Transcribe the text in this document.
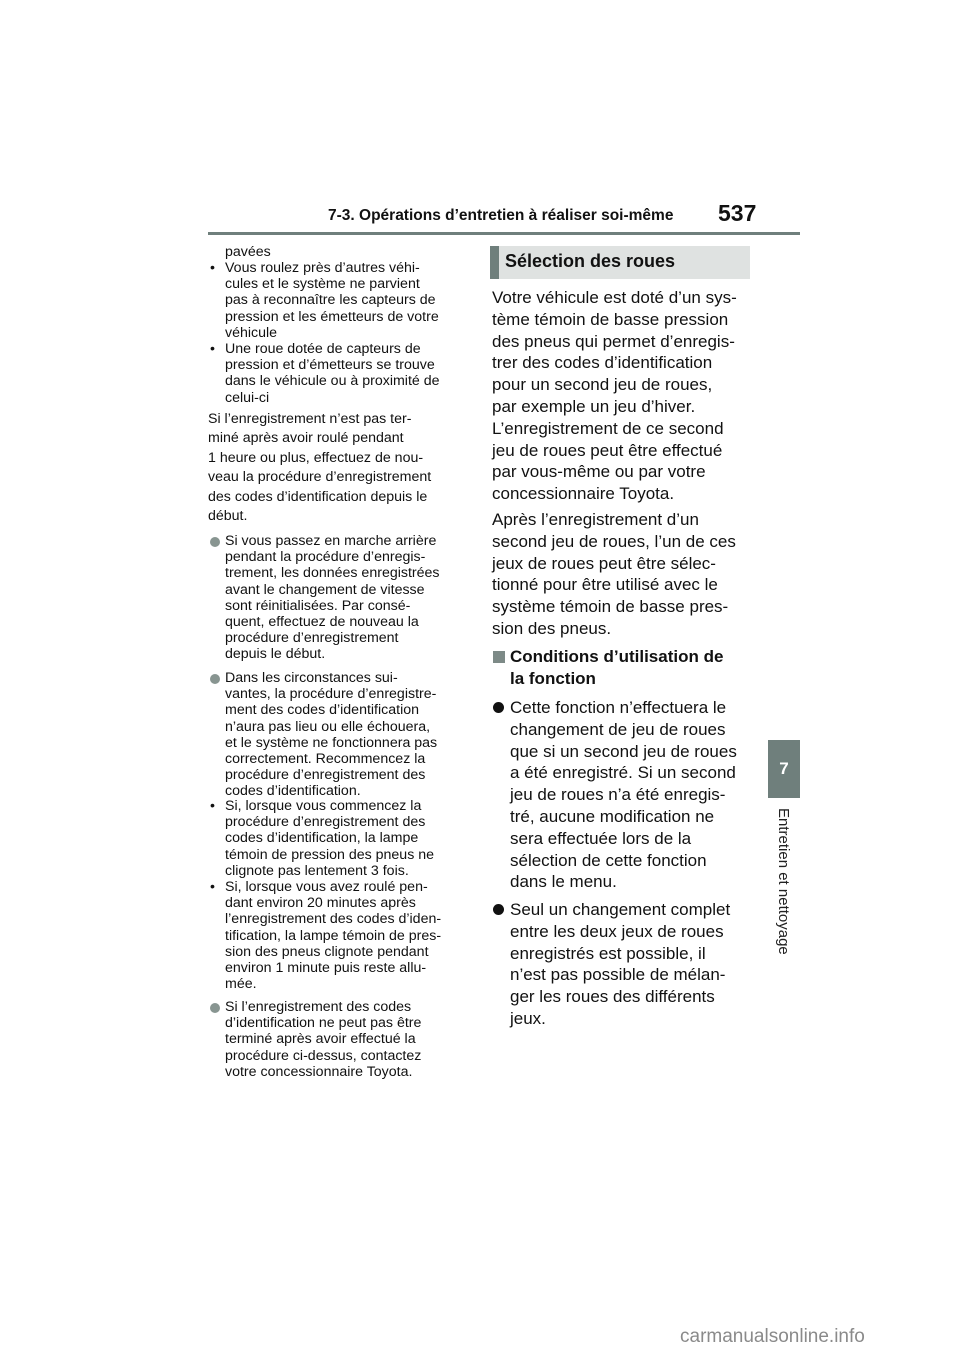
7-3. Opérations d’entretien à réaliser soi-même 537
7
Entretien et nettoyage
pavées
• Vous roulez près d’autres véhi-
cules et le système ne parvient
pas à reconnaître les capteurs de
pression et les émetteurs de votre
véhicule
• Une roue dotée de capteurs de
pression et d’émetteurs se trouve
dans le véhicule ou à proximité de
celui-ci
Si l’enregistrement n’est pas ter-
miné après avoir roulé pendant
1 heure ou plus, effectuez de nou-
veau la procédure d’enregistrement
des codes d’identification depuis le
début.
Si vous passez en marche arrière
pendant la procédure d’enregis-
trement, les données enregistrées
avant le changement de vitesse
sont réinitialisées. Par consé-
quent, effectuez de nouveau la
procédure d’enregistrement
depuis le début.
Dans les circonstances sui-
vantes, la procédure d’enregistre-
ment des codes d’identification
n’aura pas lieu ou elle échouera,
et le système ne fonctionnera pas
correctement. Recommencez la
procédure d’enregistrement des
codes d’identification.
• Si, lorsque vous commencez la
procédure d’enregistrement des
codes d’identification, la lampe
témoin de pression des pneus ne
clignote pas lentement 3 fois.
• Si, lorsque vous avez roulé pen-
dant environ 20 minutes après
l’enregistrement des codes d’iden-
tification, la lampe témoin de pres-
sion des pneus clignote pendant
environ 1 minute puis reste allu-
mée.
Si l’enregistrement des codes
d’identification ne peut pas être
terminé après avoir effectué la
procédure ci-dessus, contactez
votre concessionnaire Toyota.
Sélection des roues
Votre véhicule est doté d’un sys-
tème témoin de basse pression
des pneus qui permet d’enregis-
trer des codes d’identification
pour un second jeu de roues,
par exemple un jeu d’hiver.
L’enregistrement de ce second
jeu de roues peut être effectué
par vous-même ou par votre
concessionnaire Toyota.
Après l’enregistrement d’un
second jeu de roues, l’un de ces
jeux de roues peut être sélec-
tionné pour être utilisé avec le
système témoin de basse pres-
sion des pneus.
Conditions d’utilisation de
la fonction
Cette fonction n’effectuera le
changement de jeu de roues
que si un second jeu de roues
a été enregistré. Si un second
jeu de roues n’a été enregis-
tré, aucune modification ne
sera effectuée lors de la
sélection de cette fonction
dans le menu.
Seul un changement complet
entre les deux jeux de roues
enregistrés est possible, il
n’est pas possible de mélan-
ger les roues des différents
jeux.
carmanualsonline.info
